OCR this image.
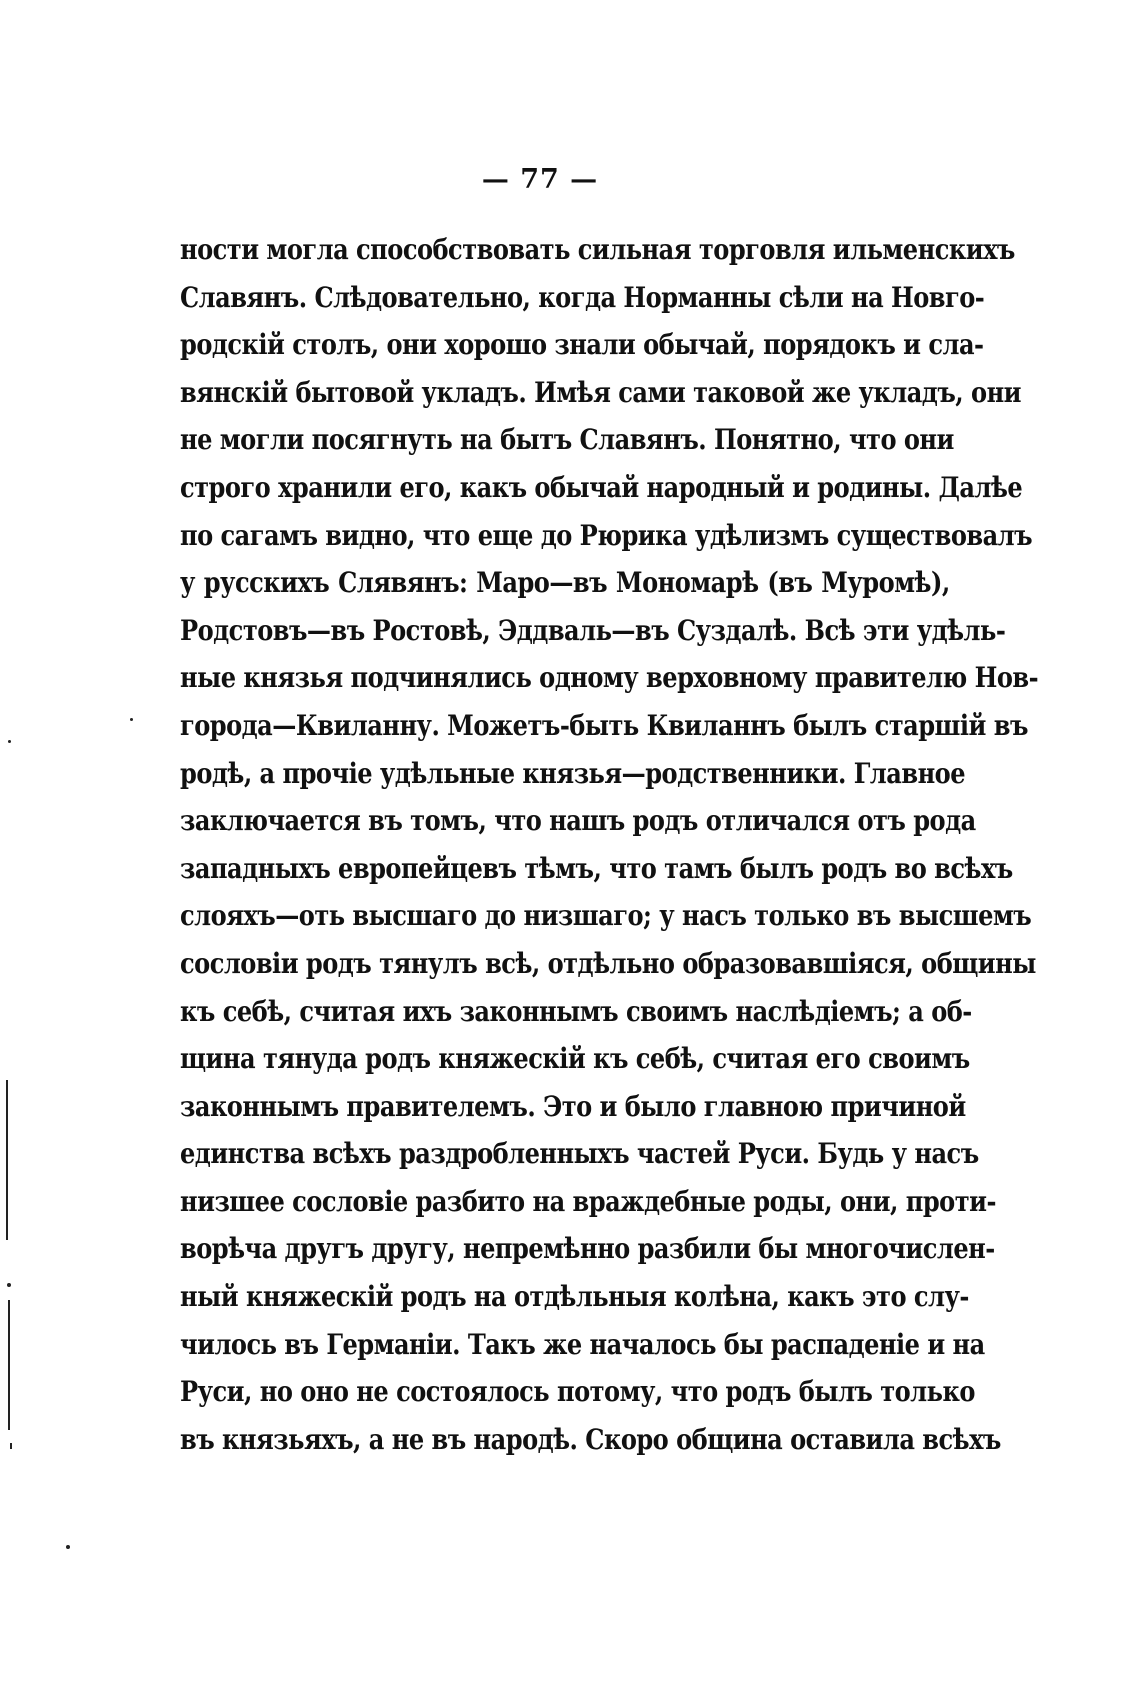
— 77 —
ности могла способствовать сильная торговля ильменскихъ
Славянъ. Слѣдовательно, когда Норманны сѣли на Новго-
родскій столъ, они хорошо знали обычай, порядокъ и сла-
вянскій бытовой укладъ. Имѣя сами таковой же укладъ, они
не могли посягнуть на бытъ Славянъ. Понятно, что они
строго хранили его, какъ обычай народный и родины. Далѣе
по сагамъ видно, что еще до Рюрика удѣлизмъ существовалъ
у русскихъ Слявянъ: Маро—въ Мономарѣ (въ Муромѣ),
Родстовъ—въ Ростовѣ, Эддваль—въ Суздалѣ. Всѣ эти удѣль-
ные князья подчинялись одному верховному правителю Нов-
города—Квиланну. Можетъ-быть Квиланнъ былъ старшій въ
родѣ, а прочіе удѣльные князья—родственники. Главное
заключается въ томъ, что нашъ родъ отличался отъ рода
западныхъ европейцевъ тѣмъ, что тамъ былъ родъ во всѣхъ
слояхъ—оть высшаго до низшаго; у насъ только въ высшемъ
сословіи родъ тянулъ всѣ, отдѣльно образовавшіяся, общины
къ себѣ, считая ихъ законнымъ своимъ наслѣдіемъ; а об-
щина тянуда родъ княжескій къ себѣ, считая его своимъ
законнымъ правителемъ. Это и было главною причиной
единства всѣхъ раздробленныхъ частей Руси. Будь у насъ
низшее сословіе разбито на враждебные роды, они, проти-
ворѣча другъ другу, непремѣнно разбили бы многочислен-
ный княжескій родъ на отдѣльныя колѣна, какъ это слу-
чилось въ Германіи. Такъ же началось бы распаденіе и на
Руси, но оно не состоялось потому, что родъ былъ только
въ князьяхъ, а не въ народѣ. Скоро община оставила всѣхъ
